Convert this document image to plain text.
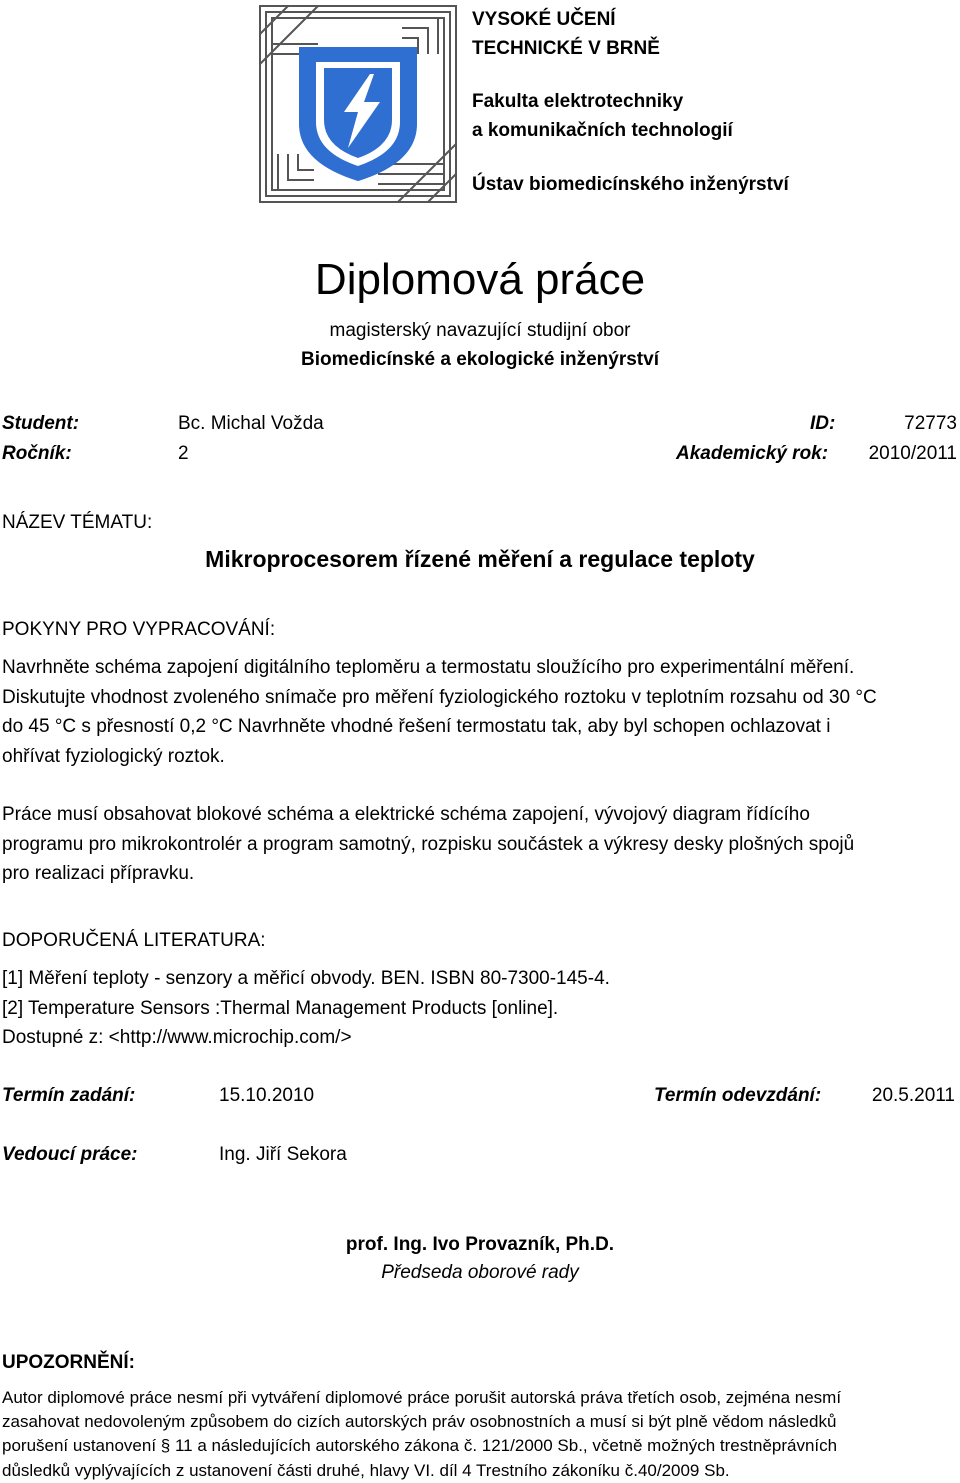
VYSOKÉ UČENÍ
TECHNICKÉ V BRNĚ
Fakulta elektrotechniky
a komunikačních technologií
Ústav biomedicínského inženýrství
Diplomová práce
magisterský navazující studijní obor
Biomedicínské a ekologické inženýrství
Student:	Bc. Michal Vožda	ID:	72773
Ročník:	2	Akademický rok: 2010/2011
NÁZEV TÉMATU:
Mikroprocesorem řízené měření a regulace teploty
POKYNY PRO VYPRACOVÁNÍ:

Navrhněte schéma zapojení digitálního teploměru a termostatu sloužícího pro experimentální měření.

Diskutujte vhodnost zvoleného snímače pro měření fyziologického roztoku v teplotním rozsahu od 30 °C

do 45 °C s přesností 0,2 °C Navrhněte vhodné řešení termostatu tak, aby byl schopen ochlazovat i

ohřívat fyziologický roztok.

Práce musí obsahovat blokové schéma a elektrické schéma zapojení, vývojový diagram řídícího

programu pro mikrokontrolér a program samotný, rozpisku součástek a výkresy desky plošných spojů

pro realizaci přípravku.

DOPORUČENÁ LITERATURA:

[1] Měření teploty - senzory a měřicí obvody. BEN. ISBN 80-7300-145-4.

[2] Temperature Sensors :Thermal Management Products [online].

Dostupné z: <http://www.microchip.com/>

Termín zadání:	15.10.2010	Termín odevzdání:	20.5.2011
Vedoucí práce:	Ing. Jiří Sekora
prof. Ing. Ivo Provazník, Ph.D.
Předseda oborové rady
UPOZORNĚNÍ:
Autor diplomové práce nesmí při vytváření diplomové práce porušit autorská práva třetích osob, zejména nesmí
zasahovat nedovoleným způsobem do cizích autorských práv osobnostních a musí si být plně vědom následků
porušení ustanovení § 11 a následujících autorského zákona č. 121/2000 Sb., včetně možných trestněprávních
důsledků vyplývajících z ustanovení části druhé, hlavy VI. díl 4 Trestního zákoníku č.40/2009 Sb.
